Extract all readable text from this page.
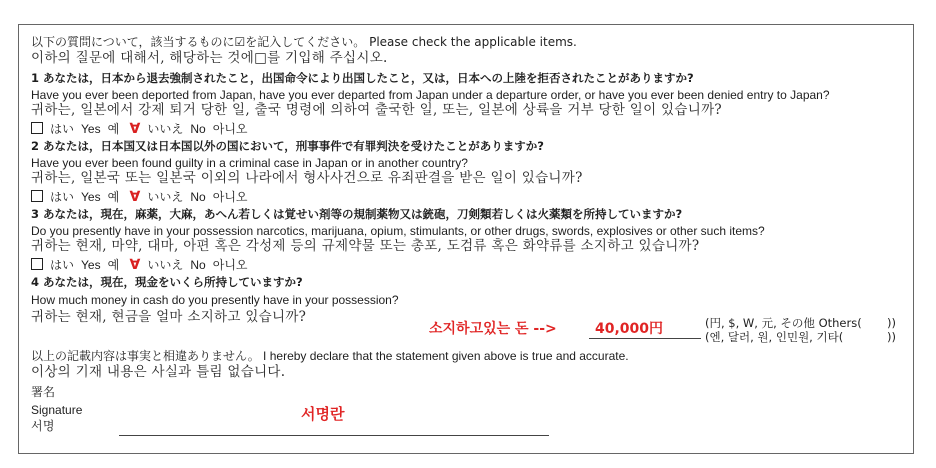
以下の質問について，該当するものに☑を記入してください。 Please check the applicable items.
이하의 질문에 대해서, 해당하는 것에□를 기입해 주십시오.
1 あなたは，日本から退去強制されたこと，出国命令により出国したこと，又は，日本への上陸を拒否されたことがありますか?
Have you ever been deported from Japan, have you ever departed from Japan under a departure order, or have you ever been denied entry to Japan?
귀하는, 일본에서 강제 퇴거 당한 일, 출국 명령에 의하여 출국한 일, 또는, 일본에 상륙을 거부 당한 일이 있습니까?
はい Yes 예 ∀ いいえ No 아니오
2 あなたは，日本国又は日本国以外の国において，刑事事件で有罪判決を受けたことがありますか?
Have you ever been found guilty in a criminal case in Japan or in another country?
귀하는, 일본국 또는 일본국 이외의 나라에서 형사사건으로 유죄판결을 받은 일이 있습니까?
はい Yes 예 ∀ いいえ No 아니오
3 あなたは，現在，麻薬，大麻，あへん若しくは覚せい剤等の規制薬物又は銃砲，刀剣類若しくは火薬類を所持していますか?
Do you presently have in your possession narcotics, marijuana, opium, stimulants, or other drugs, swords, explosives or other such items?
귀하는 현재, 마약, 대마, 아편 혹은 각성제 등의 규제약물 또는 총포, 도검류 혹은 화약류를 소지하고 있습니까?
はい Yes 예 ∀ いいえ No 아니오
4 あなたは，現在，現金をいくら所持していますか?
How much money in cash do you presently have in your possession?
귀하는 현재, 현금을 얼마 소지하고 있습니까?
소지하고있는 돈 -->	40,000円	(円, $, W, 元, その他 Others(
(엔, 달러, 원, 인민원, 기타(
))
))
以上の記載内容は事実と相違ありません。 I hereby declare that the statement given above is true and accurate.
이상의 기재 내용은 사실과 틀림 없습니다.
署名
Signature
서명
서명란
